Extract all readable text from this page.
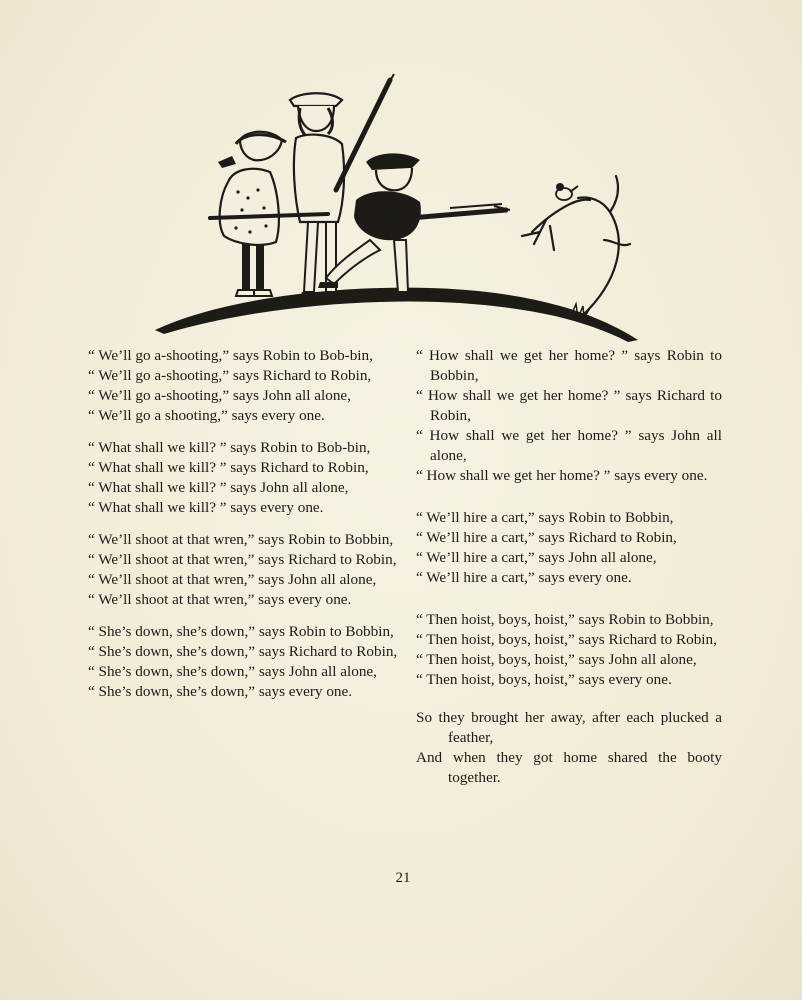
“ We’ll go a-shooting,” says Robin to Bob-bin,
“ We’ll go a-shooting,” says Richard to Robin,
“ We’ll go a-shooting,” says John all alone,
“ We’ll go a shooting,” says every one.
“ What shall we kill? ” says Robin to Bob-bin,
“ What shall we kill? ” says Richard to Robin,
“ What shall we kill? ” says John all alone,
“ What shall we kill? ” says every one.
“ We’ll shoot at that wren,” says Robin to Bobbin,
“ We’ll shoot at that wren,” says Richard to Robin,
“ We’ll shoot at that wren,” says John all alone,
“ We’ll shoot at that wren,” says every one.
“ She’s down, she’s down,” says Robin to Bobbin,
“ She’s down, she’s down,” says Richard to Robin,
“ She’s down, she’s down,” says John all alone,
“ She’s down, she’s down,” says every one.
“ How shall we get her home? ” says Robin to Bobbin,
“ How shall we get her home? ” says Richard to Robin,
“ How shall we get her home? ” says John all alone,
“ How shall we get her home? ” says every one.
“ We’ll hire a cart,” says Robin to Bobbin,
“ We’ll hire a cart,” says Richard to Robin,
“ We’ll hire a cart,” says John all alone,
“ We’ll hire a cart,” says every one.
“ Then hoist, boys, hoist,” says Robin to Bobbin,
“ Then hoist, boys, hoist,” says Richard to Robin,
“ Then hoist, boys, hoist,” says John all alone,
“ Then hoist, boys, hoist,” says every one.
So they brought her away, after each plucked a feather,
And when they got home shared the booty together.
21
